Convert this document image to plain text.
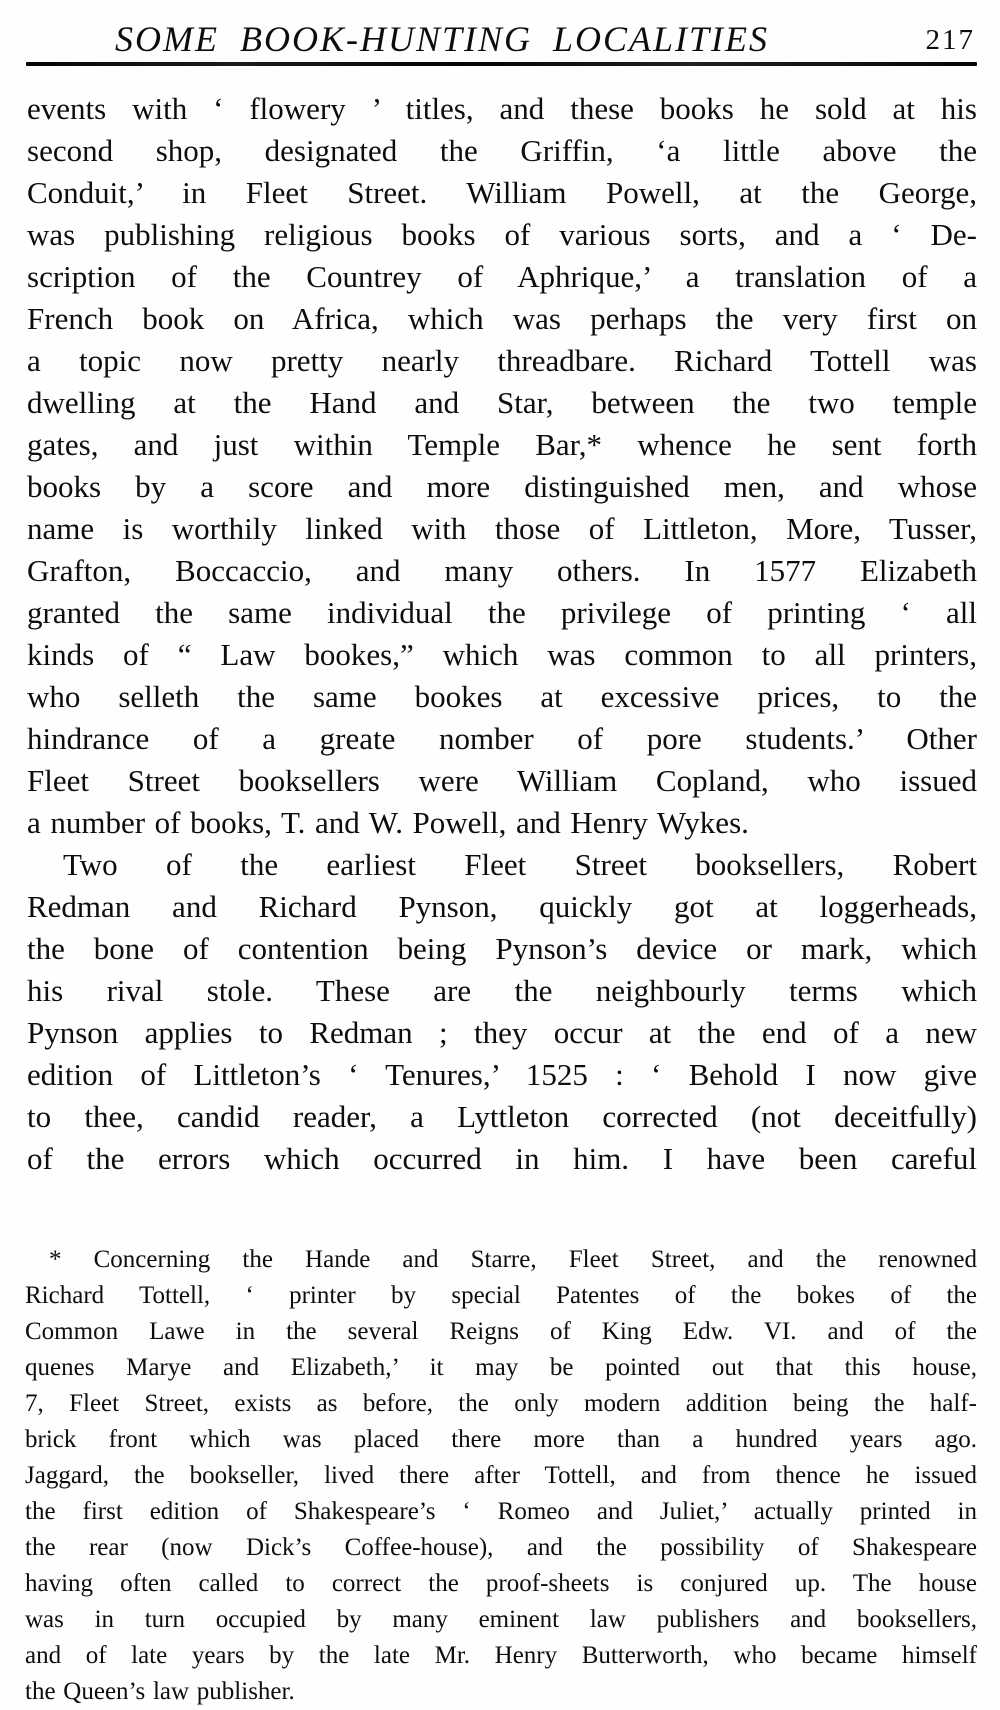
SOME BOOK-HUNTING LOCALITIES	217
events with ‘ flowery ’ titles, and these books he sold at his
second shop, designated the Griffin, ‘a little above the
Conduit,’ in Fleet Street. William Powell, at the George,
was publishing religious books of various sorts, and a ‘ De-
scription of the Countrey of Aphrique,’ a translation of a
French book on Africa, which was perhaps the very first on
a topic now pretty nearly threadbare. Richard Tottell was
dwelling at the Hand and Star, between the two temple
gates, and just within Temple Bar,* whence he sent forth
books by a score and more distinguished men, and whose
name is worthily linked with those of Littleton, More, Tusser,
Grafton, Boccaccio, and many others. In 1577 Elizabeth
granted the same individual the privilege of printing ‘ all
kinds of “ Law bookes,” which was common to all printers,
who selleth the same bookes at excessive prices, to the
hindrance of a greate nomber of pore students.’ Other
Fleet Street booksellers were William Copland, who issued
a number of books, T. and W. Powell, and Henry Wykes.
Two of the earliest Fleet Street booksellers, Robert
Redman and Richard Pynson, quickly got at loggerheads,
the bone of contention being Pynson’s device or mark, which
his rival stole. These are the neighbourly terms which
Pynson applies to Redman ; they occur at the end of a new
edition of Littleton’s ‘ Tenures,’ 1525 : ‘ Behold I now give
to thee, candid reader, a Lyttleton corrected (not deceitfully)
of the errors which occurred in him. I have been careful
* Concerning the Hande and Starre, Fleet Street, and the renowned
Richard Tottell, ‘ printer by special Patentes of the bokes of the
Common Lawe in the several Reigns of King Edw. VI. and of the
quenes Marye and Elizabeth,’ it may be pointed out that this house,
7, Fleet Street, exists as before, the only modern addition being the half-
brick front which was placed there more than a hundred years ago.
Jaggard, the bookseller, lived there after Tottell, and from thence he issued
the first edition of Shakespeare’s ‘ Romeo and Juliet,’ actually printed in
the rear (now Dick’s Coffee-house), and the possibility of Shakespeare
having often called to correct the proof-sheets is conjured up. The house
was in turn occupied by many eminent law publishers and booksellers,
and of late years by the late Mr. Henry Butterworth, who became himself
the Queen’s law publisher.
